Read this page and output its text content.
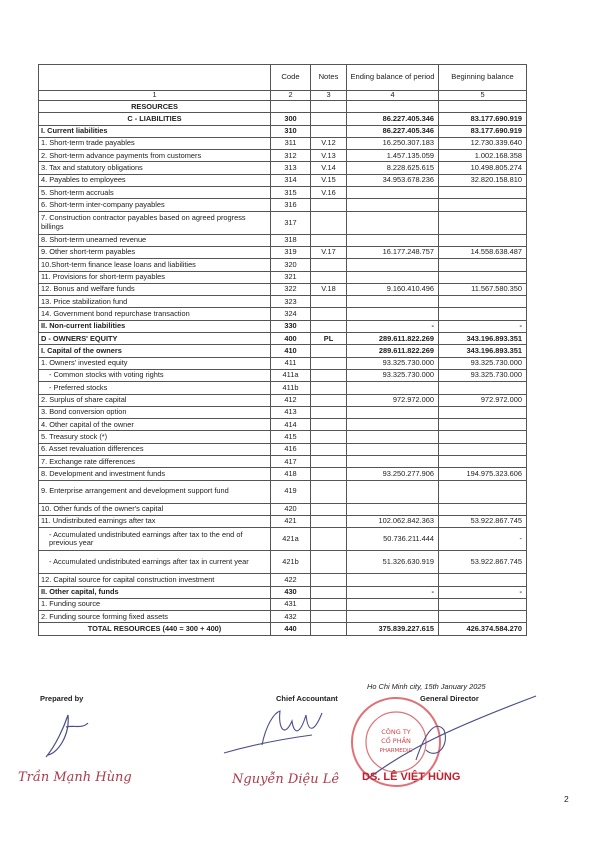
	Code	Notes	Ending balance of period	Beginning balance
1	2	3	4	5
RESOURCES				
C - LIABILITIES	300		86.227.405.346	83.177.690.919
I. Current liabilities	310		86.227.405.346	83.177.690.919
1. Short-term trade payables	311	V.12	16.250.307.183	12.730.339.640
2. Short-term advance payments from customers	312	V.13	1.457.135.059	1.002.168.358
3. Tax and statutory obligations	313	V.14	8.228.625.615	10.498.805.274
4. Payables to employees	314	V.15	34.953.678.236	32.820.158.810
5. Short-term accruals	315	V.16		
6. Short-term inter-company payables	316			
7. Construction contractor payables based on agreed progress billings	317			
8. Short-term unearned revenue	318			
9. Other short-term payables	319	V.17	16.177.248.757	14.558.638.487
10.Short-term finance lease loans and liabilities	320			
11. Provisions for short-term payables	321			
12. Bonus and welfare funds	322	V.18	9.160.410.496	11.567.580.350
13. Price stabilization fund	323			
14. Government bond repurchase transaction	324			
II. Non-current liabilities	330		-	-
D - OWNERS' EQUITY	400	PL	289.611.822.269	343.196.893.351
I. Capital of the owners	410		289.611.822.269	343.196.893.351
1. Owners' invested equity	411		93.325.730.000	93.325.730.000
- Common stocks with voting rights	411a		93.325.730.000	93.325.730.000
- Preferred stocks	411b			
2. Surplus of share capital	412		972.972.000	972.972.000
3. Bond conversion option	413			
4. Other capital of the owner	414			
5. Treasury stock (*)	415			
6. Asset revaluation differences	416			
7. Exchange rate differences	417			
8. Development and investment funds	418		93.250.277.906	194.975.323.606
9. Enterprise arrangement and development support fund	419			
10. Other funds of the owner's capital	420			
11. Undistributed earnings after tax	421		102.062.842.363	53.922.867.745
- Accumulated undistributed earnings after tax to the end of previous year	421a		50.736.211.444	-
- Accumulated undistributed earnings after tax in current year	421b		51.326.630.919	53.922.867.745
12. Capital source for capital construction investment	422			
II. Other capital, funds	430		-	-
1. Funding source	431			
2. Funding source forming fixed assets	432			
TOTAL RESOURCES (440 = 300 + 400)	440		375.839.227.615	426.374.584.270
Prepared by	Chief Accountant	General Director
Ho Chi Minh city, 15th January 2025
Trần Mạnh Hùng	Nguyễn Diệu Lê
CÔNG TY
CỔ PHẦN
PHARMEDIC
DS. LÊ VIỆT HÙNG
2
